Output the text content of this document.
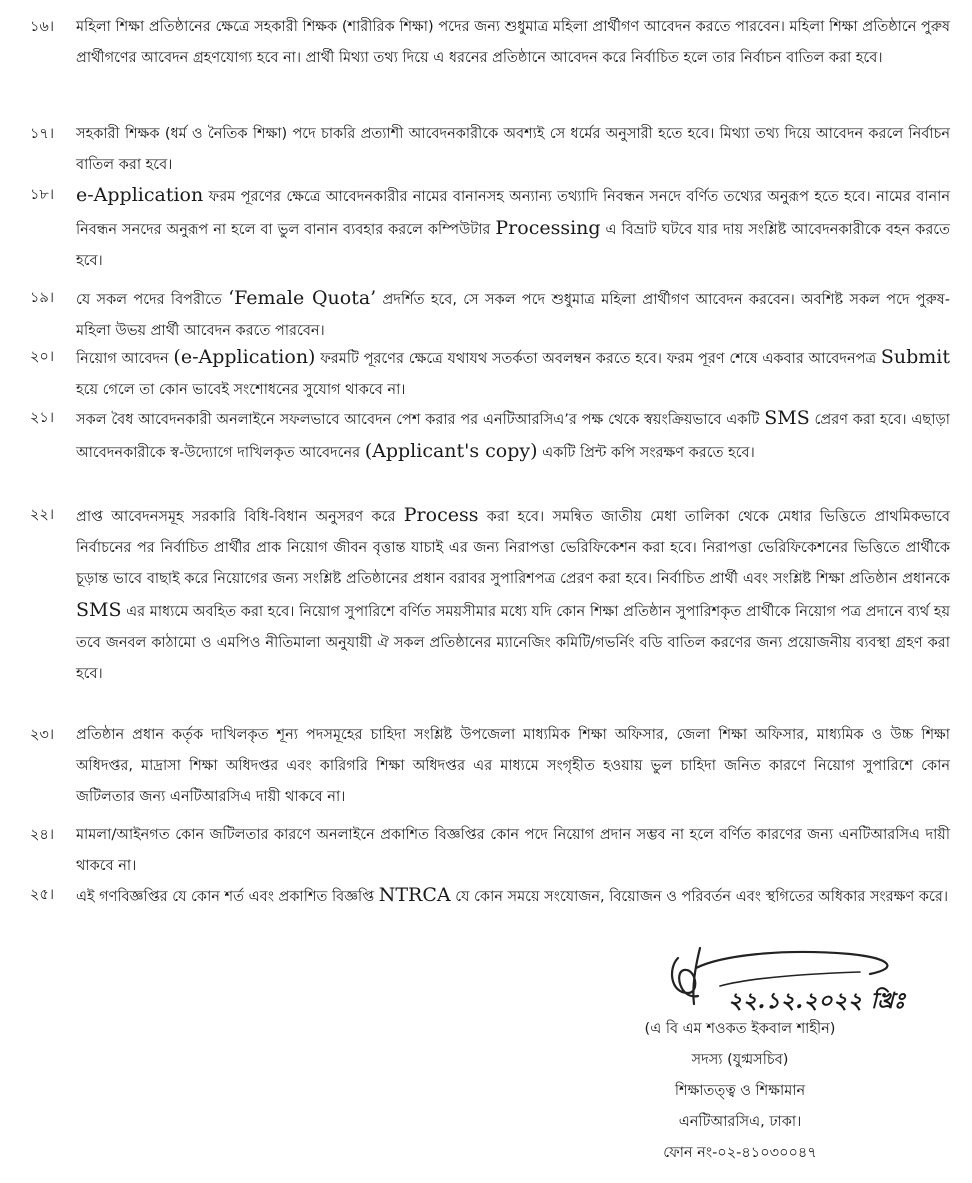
১৬।	মহিলা শিক্ষা প্রতিষ্ঠানের ক্ষেত্রে সহকারী শিক্ষক (শারীরিক শিক্ষা) পদের জন্য শুধুমাত্র মহিলা প্রার্থীগণ আবেদন করতে পারবেন। মহিলা শিক্ষা প্রতিষ্ঠানে পুরুষ প্রার্থীগণের আবেদন গ্রহণযোগ্য হবে না। প্রার্থী মিথ্যা তথ্য দিয়ে এ ধরনের প্রতিষ্ঠানে আবেদন করে নির্বাচিত হলে তার নির্বাচন বাতিল করা হবে।
১৭।	সহকারী শিক্ষক (ধর্ম ও নৈতিক শিক্ষা) পদে চাকরি প্রত্যাশী আবেদনকারীকে অবশ্যই সে ধর্মের অনুসারী হতে হবে। মিথ্যা তথ্য দিয়ে আবেদন করলে নির্বাচন বাতিল করা হবে।
১৮।	e-Application ফরম পূরণের ক্ষেত্রে আবেদনকারীর নামের বানানসহ অন্যান্য তথ্যাদি নিবন্ধন সনদে বর্ণিত তথ্যের অনুরূপ হতে হবে। নামের বানান নিবন্ধন সনদের অনুরূপ না হলে বা ভুল বানান ব্যবহার করলে কম্পিউটার Processing এ বিভ্রাট ঘটবে যার দায় সংশ্লিষ্ট আবেদনকারীকে বহন করতে হবে।
১৯।	যে সকল পদের বিপরীতে ‘Female Quota’ প্রদর্শিত হবে, সে সকল পদে শুধুমাত্র মহিলা প্রার্থীগণ আবেদন করবেন। অবশিষ্ট সকল পদে পুরুষ-মহিলা উভয় প্রার্থী আবেদন করতে পারবেন।
২০।	নিয়োগ আবেদন (e-Application) ফরমটি পূরণের ক্ষেত্রে যথাযথ সতর্কতা অবলম্বন করতে হবে। ফরম পূরণ শেষে একবার আবেদনপত্র Submit হয়ে গেলে তা কোন ভাবেই সংশোধনের সুযোগ থাকবে না।
২১।	সকল বৈধ আবেদনকারী অনলাইনে সফলভাবে আবেদন পেশ করার পর এনটিআরসিএ’র পক্ষ থেকে স্বয়ংক্রিয়ভাবে একটি SMS প্রেরণ করা হবে। এছাড়া আবেদনকারীকে স্ব-উদ্যোগে দাখিলকৃত আবেদনের (Applicant's copy) একটি প্রিন্ট কপি সংরক্ষণ করতে হবে।
২২।	প্রাপ্ত আবেদনসমূহ সরকারি বিধি-বিধান অনুসরণ করে Process করা হবে। সমন্বিত জাতীয় মেধা তালিকা থেকে মেধার ভিত্তিতে প্রাথমিকভাবে নির্বাচনের পর নির্বাচিত প্রার্থীর প্রাক নিয়োগ জীবন বৃত্তান্ত যাচাই এর জন্য নিরাপত্তা ভেরিফিকেশন করা হবে। নিরাপত্তা ভেরিফিকেশনের ভিত্তিতে প্রার্থীকে চূড়ান্ত ভাবে বাছাই করে নিয়োগের জন্য সংশ্লিষ্ট প্রতিষ্ঠানের প্রধান বরাবর সুপারিশপত্র প্রেরণ করা হবে। নির্বাচিত প্রার্থী এবং সংশ্লিষ্ট শিক্ষা প্রতিষ্ঠান প্রধানকে SMS এর মাধ্যমে অবহিত করা হবে। নিয়োগ সুপারিশে বর্ণিত সময়সীমার মধ্যে যদি কোন শিক্ষা প্রতিষ্ঠান সুপারিশকৃত প্রার্থীকে নিয়োগ পত্র প্রদানে ব্যর্থ হয় তবে জনবল কাঠামো ও এমপিও নীতিমালা অনুযায়ী ঐ সকল প্রতিষ্ঠানের ম্যানেজিং কমিটি/গভর্নিং বডি বাতিল করণের জন্য প্রয়োজনীয় ব্যবস্থা গ্রহণ করা হবে।
২৩।	প্রতিষ্ঠান প্রধান কর্তৃক দাখিলকৃত শূন্য পদসমূহের চাহিদা সংশ্লিষ্ট উপজেলা মাধ্যমিক শিক্ষা অফিসার, জেলা শিক্ষা অফিসার, মাধ্যমিক ও উচ্চ শিক্ষা অধিদপ্তর, মাদ্রাসা শিক্ষা অধিদপ্তর এবং কারিগরি শিক্ষা অধিদপ্তর এর মাধ্যমে সংগৃহীত হওয়ায় ভুল চাহিদা জনিত কারণে নিয়োগ সুপারিশে কোন জটিলতার জন্য এনটিআরসিএ দায়ী থাকবে না।
২৪।	মামলা/আইনগত কোন জটিলতার কারণে অনলাইনে প্রকাশিত বিজ্ঞপ্তির কোন পদে নিয়োগ প্রদান সম্ভব না হলে বর্ণিত কারণের জন্য এনটিআরসিএ দায়ী থাকবে না।
২৫।	এই গণবিজ্ঞপ্তির যে কোন শর্ত এবং প্রকাশিত বিজ্ঞপ্তি NTRCA যে কোন সময়ে সংযোজন, বিয়োজন ও পরিবর্তন এবং স্থগিতের অধিকার সংরক্ষণ করে।
২২.১২.২০২২ খ্রিঃ
(এ বি এম শওকত ইকবাল শাহীন)
সদস্য (যুগ্মসচিব)
শিক্ষাতত্ত্ব ও শিক্ষামান
এনটিআরসিএ, ঢাকা।
ফোন নং-০২-৪১০৩০০৪৭
